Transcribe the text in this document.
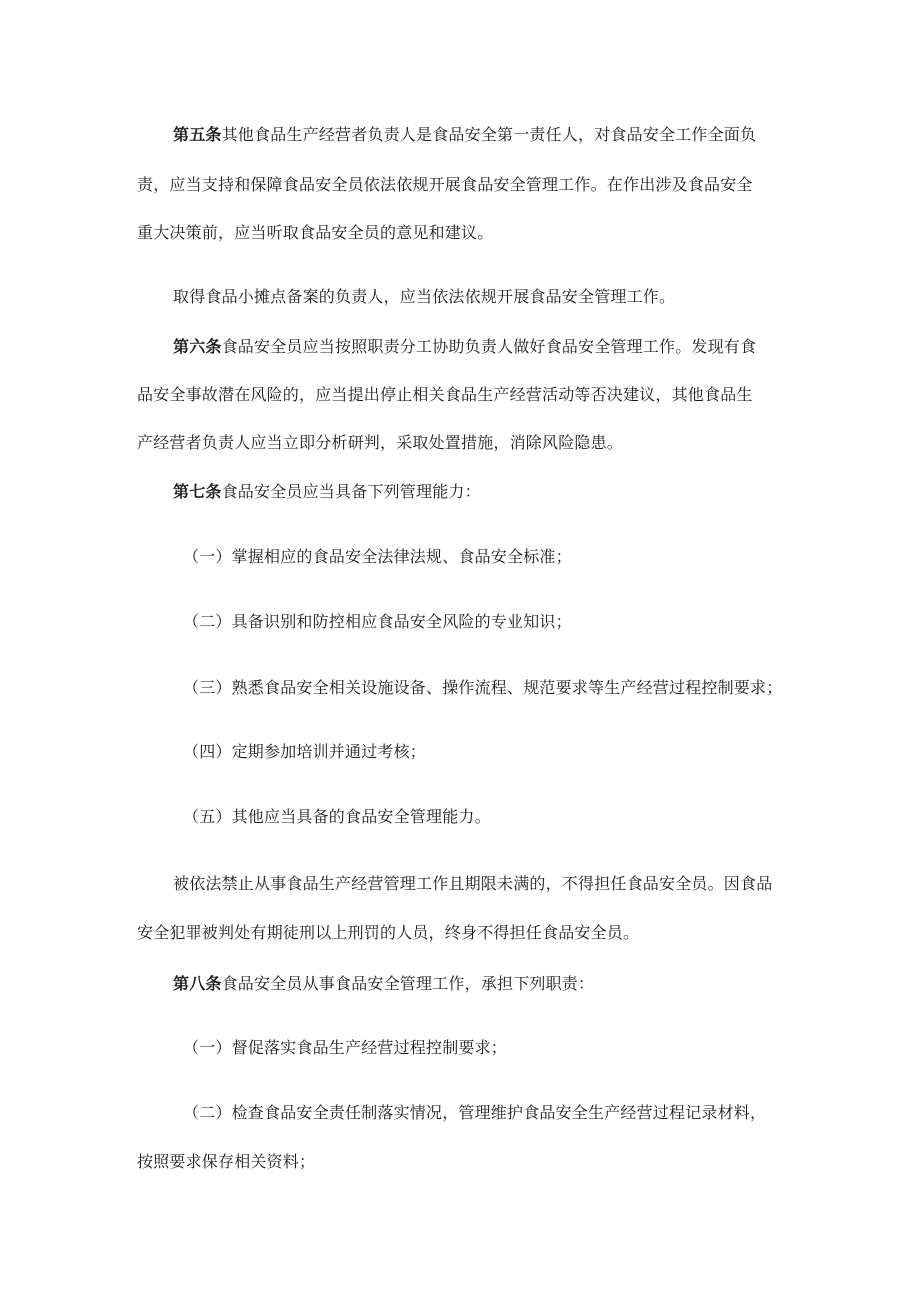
第五条其他食品生产经营者负责人是食品安全第一责任人，对食品安全工作全面负
责，应当支持和保障食品安全员依法依规开展食品安全管理工作。在作出涉及食品安全
重大决策前，应当听取食品安全员的意见和建议。
取得食品小摊点备案的负责人，应当依法依规开展食品安全管理工作。
第六条食品安全员应当按照职责分工协助负责人做好食品安全管理工作。发现有食
品安全事故潜在风险的，应当提出停止相关食品生产经营活动等否决建议，其他食品生
产经营者负责人应当立即分析研判，采取处置措施，消除风险隐患。
第七条食品安全员应当具备下列管理能力：
（一）掌握相应的食品安全法律法规、食品安全标准；
（二）具备识别和防控相应食品安全风险的专业知识；
（三）熟悉食品安全相关设施设备、操作流程、规范要求等生产经营过程控制要求；
（四）定期参加培训并通过考核；
（五）其他应当具备的食品安全管理能力。
被依法禁止从事食品生产经营管理工作且期限未满的，不得担任食品安全员。因食品
安全犯罪被判处有期徒刑以上刑罚的人员，终身不得担任食品安全员。
第八条食品安全员从事食品安全管理工作，承担下列职责：
（一）督促落实食品生产经营过程控制要求；
（二）检查食品安全责任制落实情况，管理维护食品安全生产经营过程记录材料，
按照要求保存相关资料；
